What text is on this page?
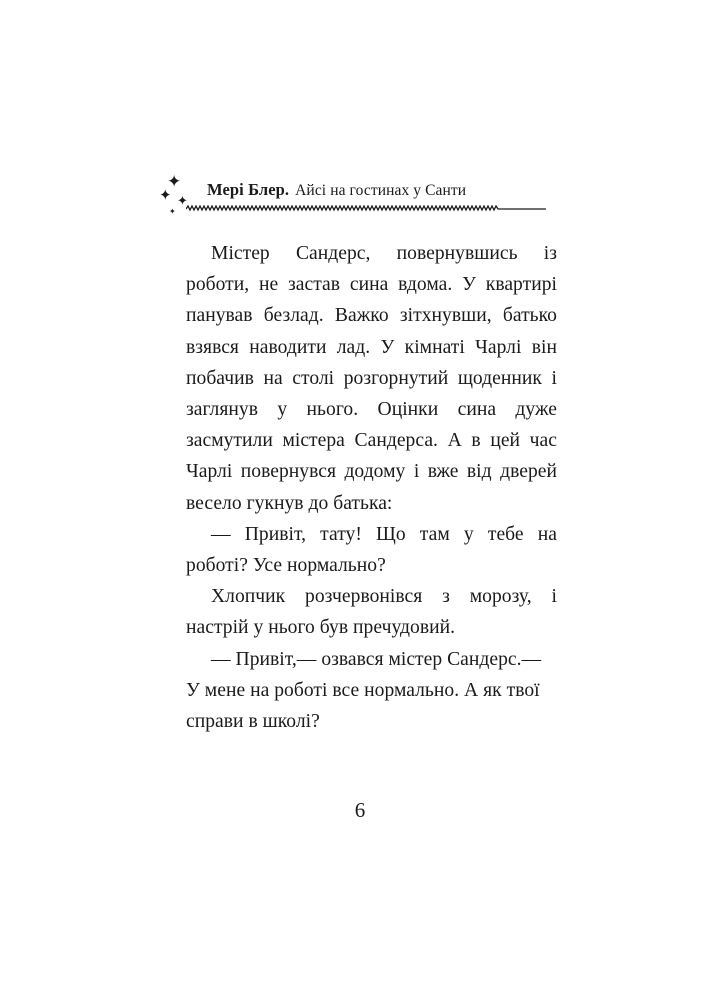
✦
✦ ✦
✦
Мері Блер. Айсі на гостинах у Санти

Містер Сандерс, повернувшись із роботи, не застав сина вдома. У квартирі панував безлад. Важко зітхнувши, батько взявся наводити лад. У кімнаті Чарлі він побачив на столі розгорнутий щоденник і заглянув у нього. Оцінки сина дуже засмутили містера Сандерса. А в цей час Чарлі повернувся додому і вже від дверей весело гукнув до батька:

— Привіт, тату! Що там у тебе на роботі? Усе нормально?

Хлопчик розчервонівся з морозу, і настрій у нього був пречудовий.

— Привіт,— озвався містер Сандерс.— У мене на роботі все нормально. А як твої справи в школі?

6
